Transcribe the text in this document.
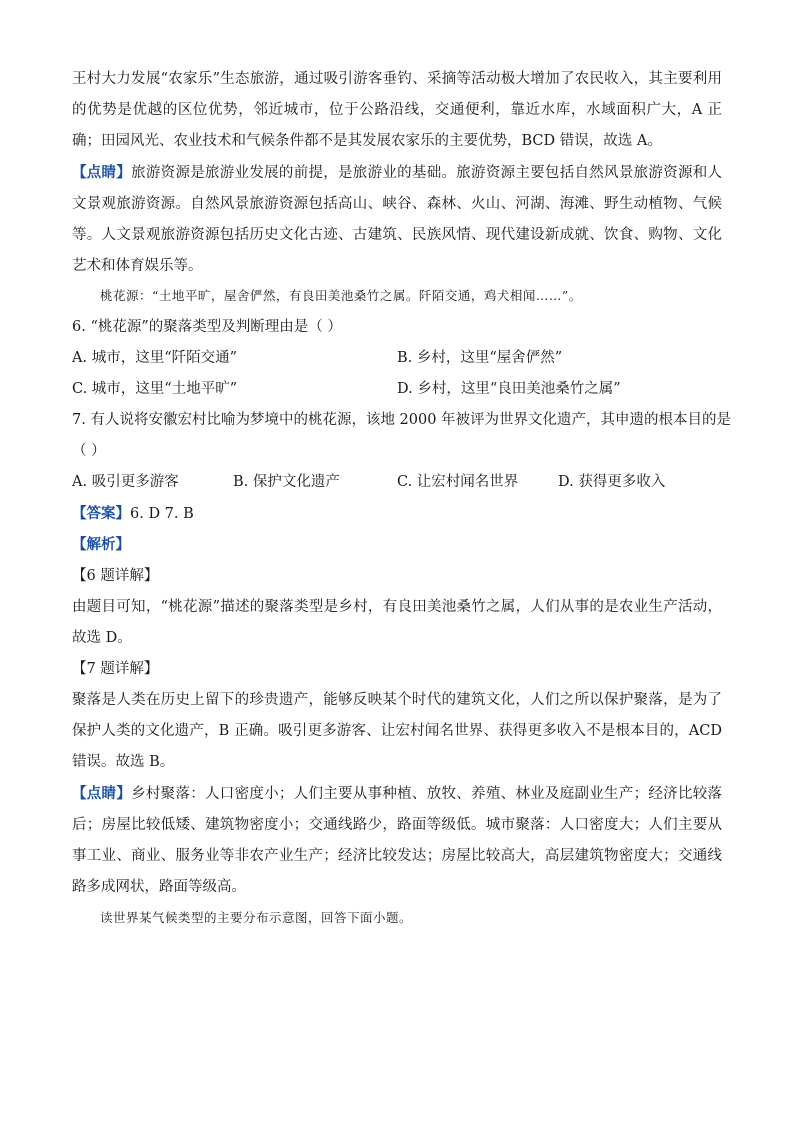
王村大力发展“农家乐”生态旅游，通过吸引游客垂钓、采摘等活动极大增加了农民收入，其主要利用的优势是优越的区位优势，邻近城市，位于公路沿线，交通便利，靠近水库，水域面积广大，A 正确；田园风光、农业技术和气候条件都不是其发展农家乐的主要优势，BCD 错误，故选 A。

【点睛】旅游资源是旅游业发展的前提，是旅游业的基础。旅游资源主要包括自然风景旅游资源和人文景观旅游资源。自然风景旅游资源包括高山、峡谷、森林、火山、河湖、海滩、野生动植物、气候等。人文景观旅游资源包括历史文化古迹、古建筑、民族风情、现代建设新成就、饮食、购物、文化艺术和体育娱乐等。

桃花源：“土地平旷，屋舍俨然，有良田美池桑竹之属。阡陌交通，鸡犬相闻……”。
6. “桃花源”的聚落类型及判断理由是（ ）
A. 城市，这里“阡陌交通”	B. 乡村，这里“屋舍俨然”
C. 城市，这里“土地平旷”	D. 乡村，这里“良田美池桑竹之属”
7. 有人说将安徽宏村比喻为梦境中的桃花源，该地 2000 年被评为世界文化遗产，其申遗的根本目的是
（ ）
A. 吸引更多游客	B. 保护文化遗产	C. 让宏村闻名世界	D. 获得更多收入
【答案】6. D 7. B
【解析】
【6 题详解】

由题目可知，“桃花源”描述的聚落类型是乡村，有良田美池桑竹之属，人们从事的是农业生产活动，故选 D。

【7 题详解】

聚落是人类在历史上留下的珍贵遗产，能够反映某个时代的建筑文化，人们之所以保护聚落，是为了保护人类的文化遗产，B 正确。吸引更多游客、让宏村闻名世界、获得更多收入不是根本目的，ACD 错误。故选 B。

【点睛】乡村聚落：人口密度小；人们主要从事种植、放牧、养殖、林业及庭副业生产；经济比较落后；房屋比较低矮、建筑物密度小；交通线路少，路面等级低。城市聚落：人口密度大；人们主要从事工业、商业、服务业等非农产业生产；经济比较发达；房屋比较高大，高层建筑物密度大；交通线路多成网状，路面等级高。

读世界某气候类型的主要分布示意图，回答下面小题。
